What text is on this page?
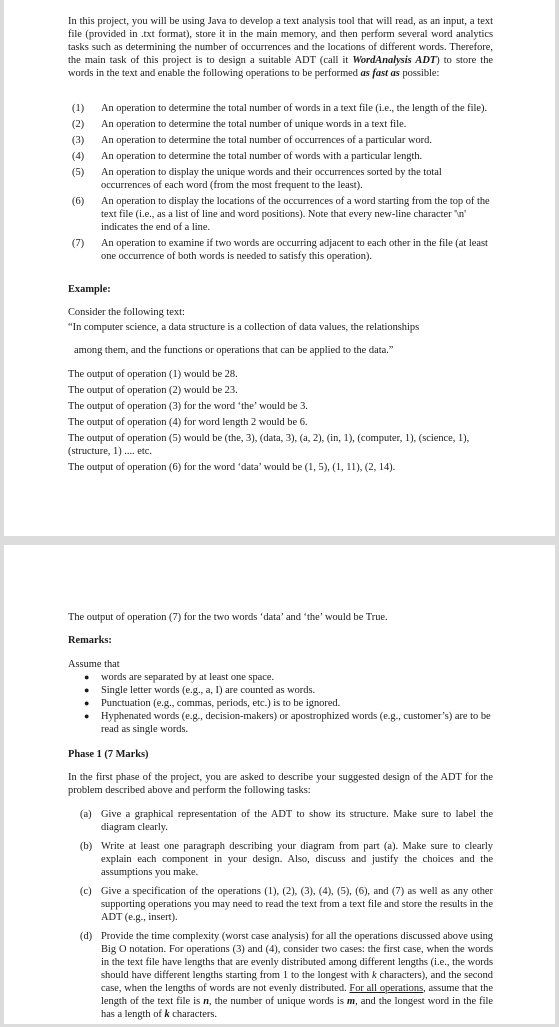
In this project, you will be using Java to develop a text analysis tool that will read, as an input, a text file (provided in .txt format), store it in the main memory, and then perform several word analytics tasks such as determining the number of occurrences and the locations of different words. Therefore, the main task of this project is to design a suitable ADT (call it WordAnalysis ADT) to store the words in the text and enable the following operations to be performed as fast as possible:

(1) An operation to determine the total number of words in a text file (i.e., the length of the file).
(2) An operation to determine the total number of unique words in a text file.
(3) An operation to determine the total number of occurrences of a particular word.
(4) An operation to determine the total number of words with a particular length.
(5) An operation to display the unique words and their occurrences sorted by the total occurrences of each word (from the most frequent to the least).
(6) An operation to display the locations of the occurrences of a word starting from the top of the text file (i.e., as a list of line and word positions). Note that every new-line character '\n' indicates the end of a line.
(7) An operation to examine if two words are occurring adjacent to each other in the file (at least one occurrence of both words is needed to satisfy this operation).

Example:

Consider the following text:

“In computer science, a data structure is a collection of data values, the relationships

among them, and the functions or operations that can be applied to the data.”

The output of operation (1) would be 28.

The output of operation (2) would be 23.

The output of operation (3) for the word ‘the’ would be 3.

The output of operation (4) for word length 2 would be 6.

The output of operation (5) would be (the, 3), (data, 3), (a, 2), (in, 1), (computer, 1), (science, 1), (structure, 1) .... etc.

The output of operation (6) for the word ‘data’ would be (1, 5), (1, 11), (2, 14).

The output of operation (7) for the two words ‘data’ and ‘the’ would be True.

Remarks:

Assume that

● words are separated by at least one space.
● Single letter words (e.g., a, I) are counted as words.
● Punctuation (e.g., commas, periods, etc.) is to be ignored.
● Hyphenated words (e.g., decision-makers) or apostrophized words (e.g., customer’s) are to be read as single words.

Phase 1 (7 Marks)

In the first phase of the project, you are asked to describe your suggested design of the ADT for the problem described above and perform the following tasks:

(a) Give a graphical representation of the ADT to show its structure. Make sure to label the diagram clearly.
(b) Write at least one paragraph describing your diagram from part (a). Make sure to clearly explain each component in your design. Also, discuss and justify the choices and the assumptions you make.
(c) Give a specification of the operations (1), (2), (3), (4), (5), (6), and (7) as well as any other supporting operations you may need to read the text from a text file and store the results in the ADT (e.g., insert).
(d) Provide the time complexity (worst case analysis) for all the operations discussed above using Big O notation. For operations (3) and (4), consider two cases: the first case, when the words in the text file have lengths that are evenly distributed among different lengths (i.e., the words should have different lengths starting from 1 to the longest with k characters), and the second case, when the lengths of words are not evenly distributed. For all operations, assume that the length of the text file is n, the number of unique words is m, and the longest word in the file has a length of k characters.
